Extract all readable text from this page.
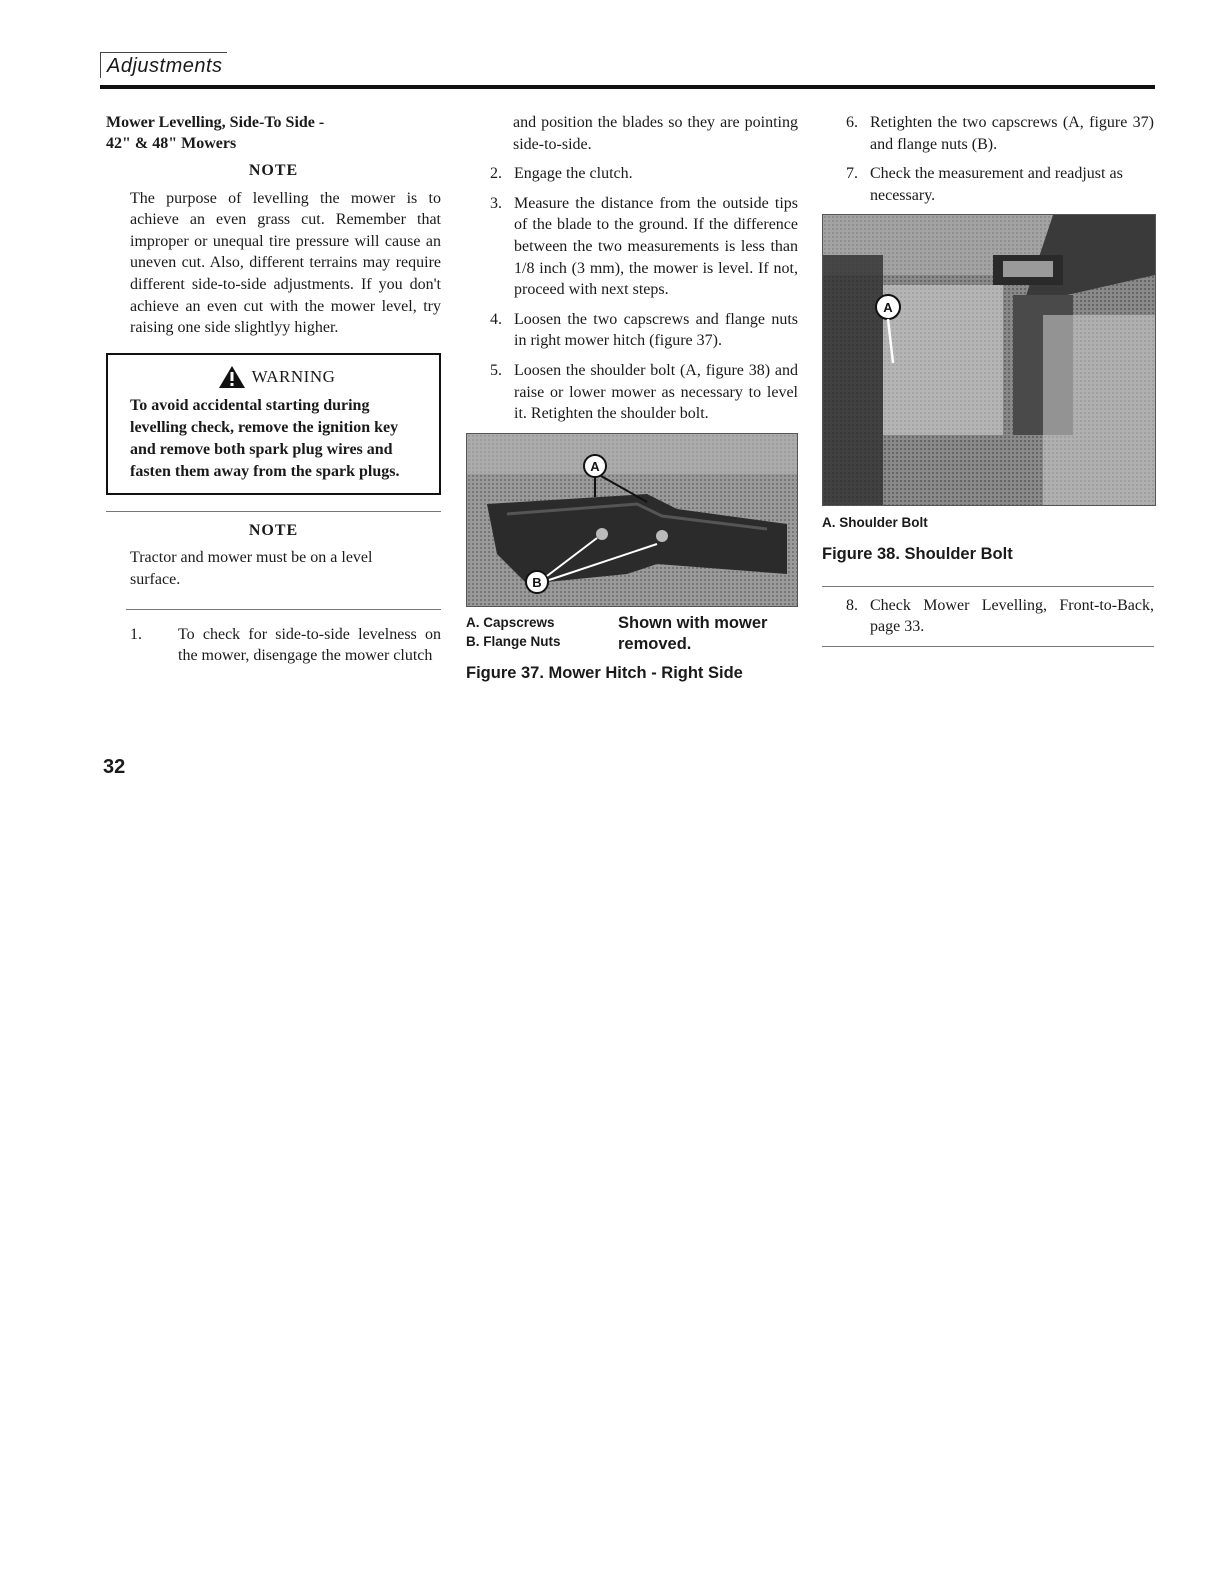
Adjustments
Mower Levelling, Side-To Side -
42" & 48" Mowers
NOTE

The purpose of levelling the mower is to achieve an even grass cut. Remember that improper or unequal tire pressure will cause an uneven cut. Also, different terrains may require different side-to-side adjustments. If you don't achieve an even cut with the mower level, try raising one side slightlyy higher.

WARNING
To avoid accidental starting during levelling check, remove the ignition key and remove both spark plug wires and fasten them away from the spark plugs.
NOTE

Tractor and mower must be on a level surface.

1.	To check for side-to-side levelness on the mower, disengage the mower clutch

and position the blades so they are pointing side-to-side.

2. Engage the clutch.
3. Measure the distance from the outside tips of the blade to the ground. If the difference between the two measurements is less than 1/8 inch (3 mm), the mower is level. If not, proceed with next steps.
4. Loosen the two capscrews and flange nuts in right mower hitch (figure 37).
5. Loosen the shoulder bolt (A, figure 38) and raise or lower mower as necessary to level it. Retighten the shoulder bolt.
A
B
A. Capscrews
B. Flange Nuts
Shown with mower
removed.
Figure 37. Mower Hitch - Right Side
6. Retighten the two capscrews (A, figure 37) and flange nuts (B).
7. Check the measurement and readjust as necessary.
A
A. Shoulder Bolt
Figure 38. Shoulder Bolt
8. Check Mower Levelling, Front-to-Back, page 33.
32
